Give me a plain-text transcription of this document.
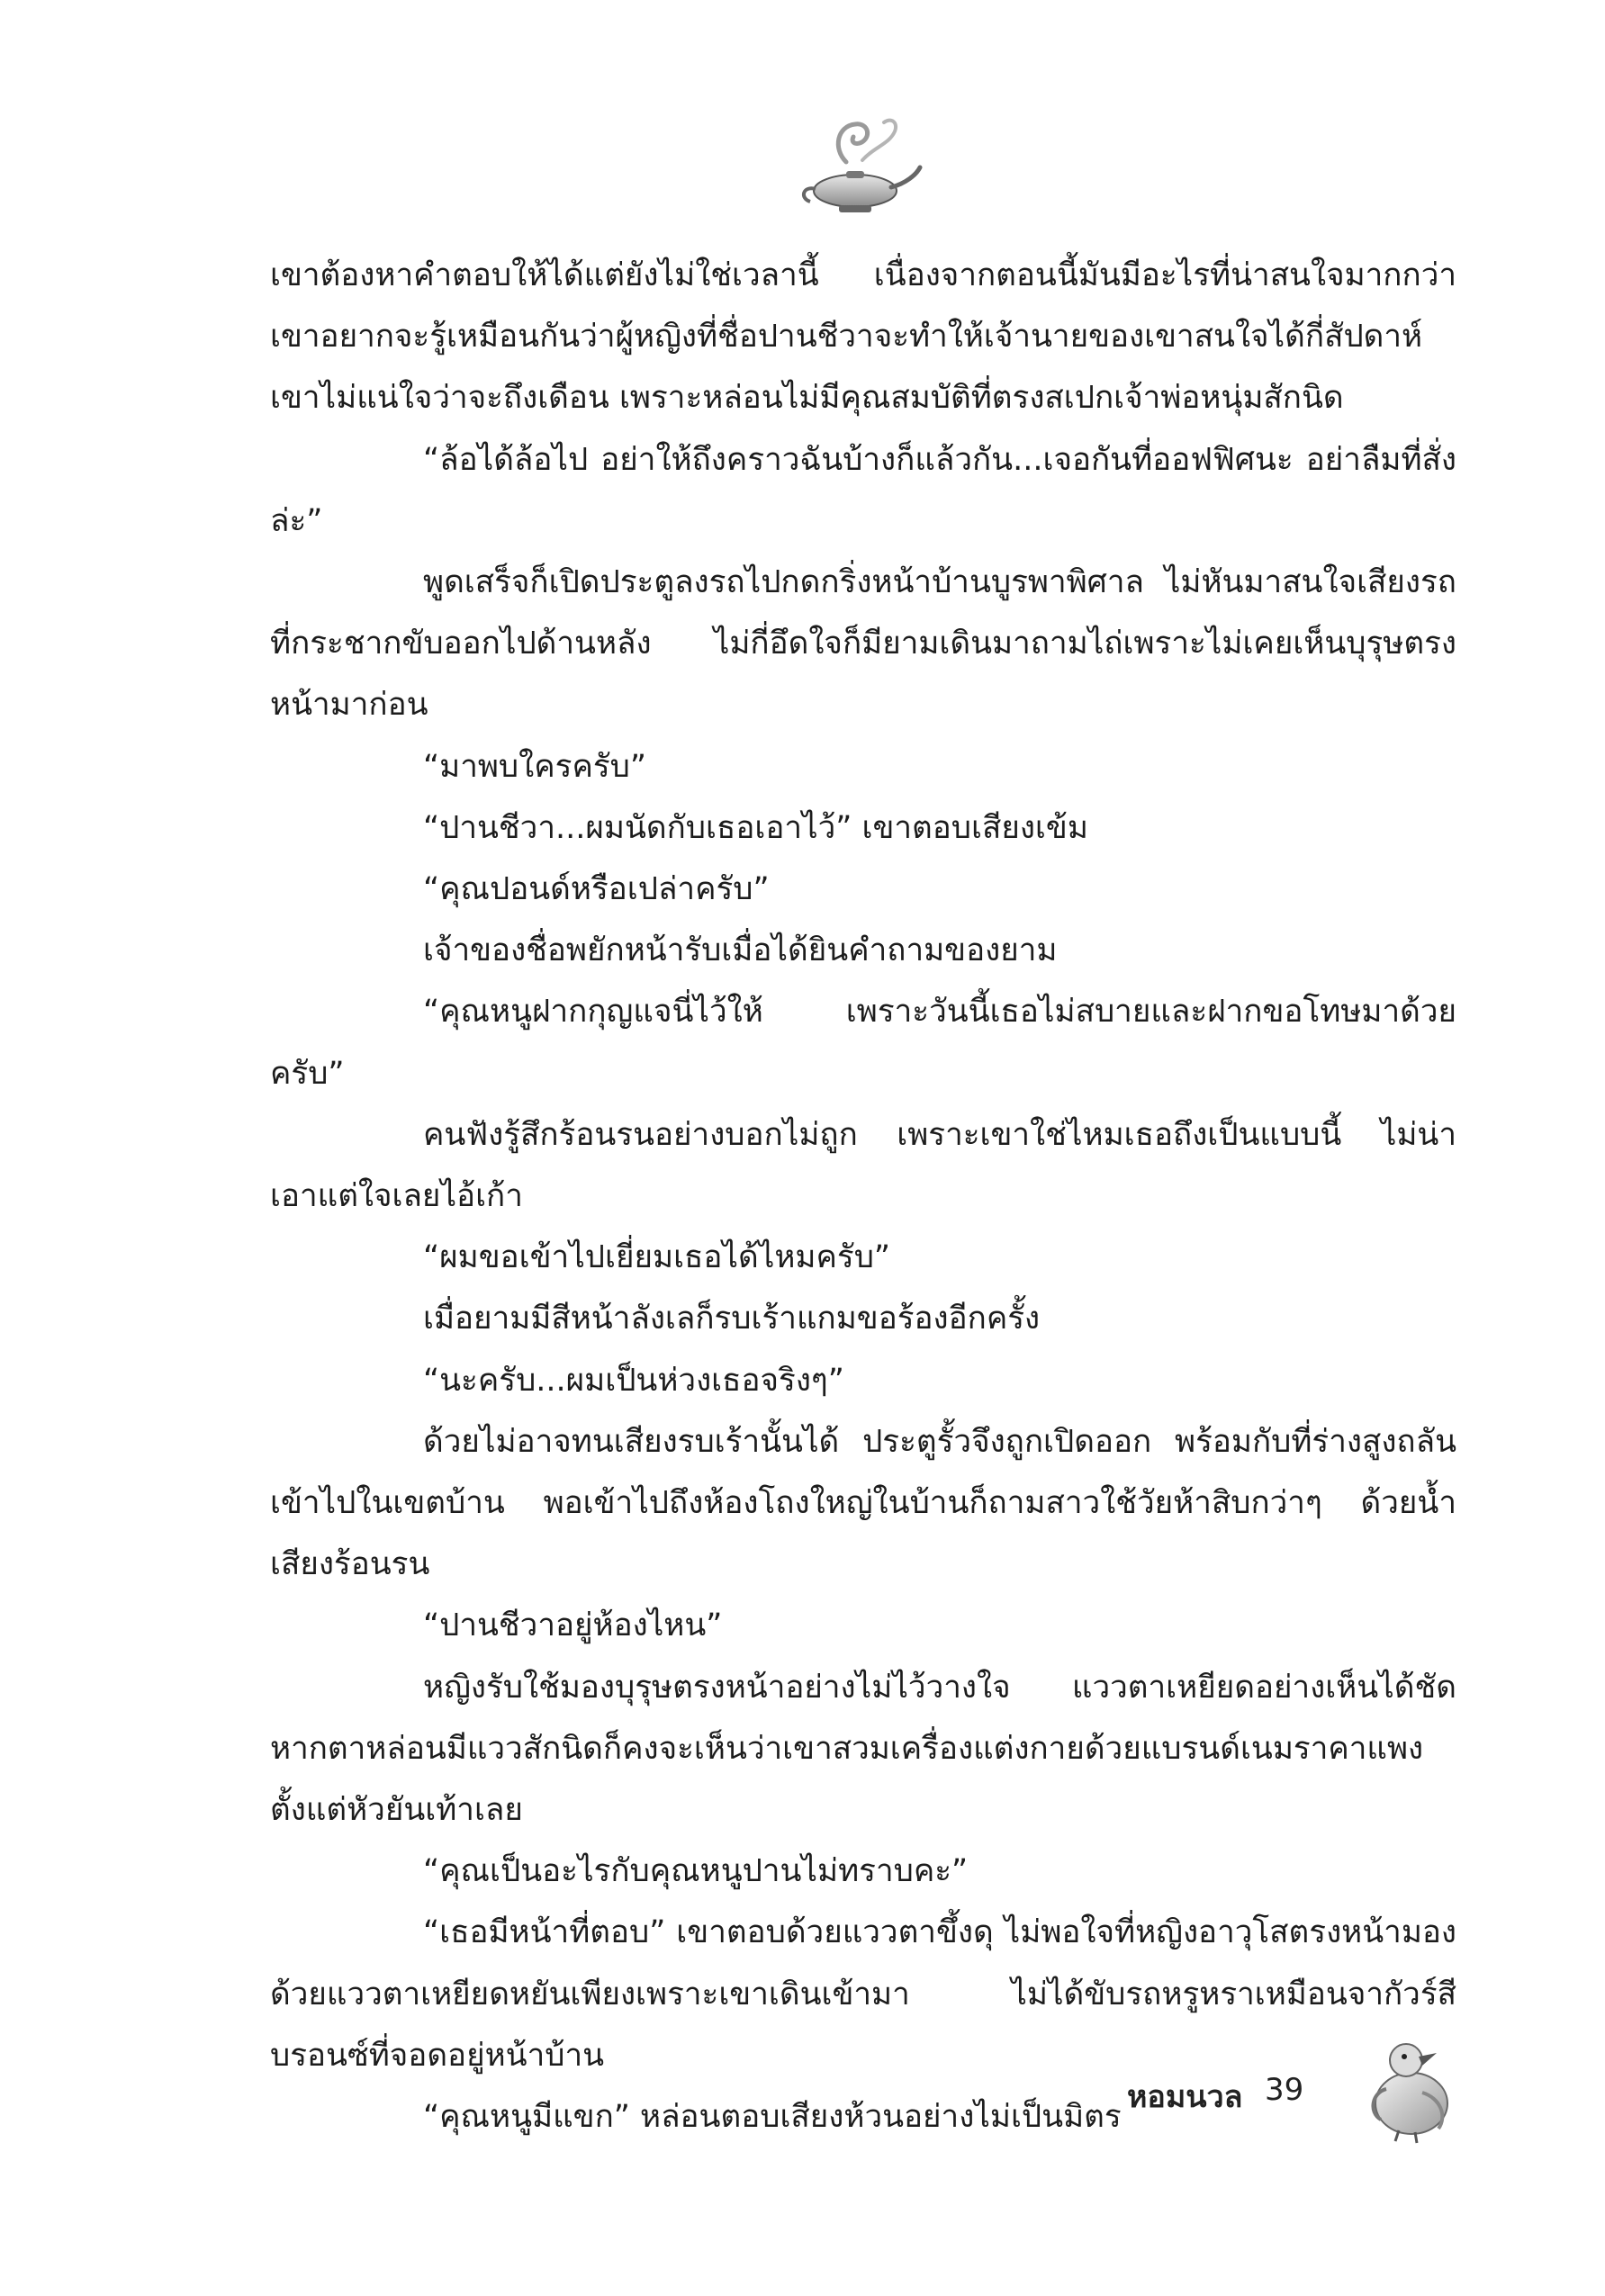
เขาต้องหาคำตอบให้ได้แต่ยังไม่ใช่เวลานี้ เนื่องจากตอนนี้มันมีอะไรที่น่าสนใจมากกว่า เขาอยากจะรู้เหมือนกันว่าผู้หญิงที่ชื่อปานชีวาจะทำให้เจ้านายของเขาสนใจได้กี่สัปดาห์ เขาไม่แน่ใจว่าจะถึงเดือน เพราะหล่อนไม่มีคุณสมบัติที่ตรงสเปกเจ้าพ่อหนุ่มสักนิด

“ล้อได้ล้อไป อย่าให้ถึงคราวฉันบ้างก็แล้วกัน...เจอกันที่ออฟฟิศนะ อย่าลืมที่สั่งล่ะ”

พูดเสร็จก็เปิดประตูลงรถไปกดกริ่งหน้าบ้านบูรพาพิศาล ไม่หันมาสนใจเสียงรถที่กระชากขับออกไปด้านหลัง ไม่กี่อึดใจก็มียามเดินมาถามไถ่เพราะไม่เคยเห็นบุรุษตรงหน้ามาก่อน

“มาพบใครครับ”

“ปานชีวา...ผมนัดกับเธอเอาไว้” เขาตอบเสียงเข้ม

“คุณปอนด์หรือเปล่าครับ”

เจ้าของชื่อพยักหน้ารับเมื่อได้ยินคำถามของยาม

“คุณหนูฝากกุญแจนี่ไว้ให้ เพราะวันนี้เธอไม่สบายและฝากขอโทษมาด้วยครับ”

คนฟังรู้สึกร้อนรนอย่างบอกไม่ถูก เพราะเขาใช่ไหมเธอถึงเป็นแบบนี้ ไม่น่าเอาแต่ใจเลยไอ้เก้า

“ผมขอเข้าไปเยี่ยมเธอได้ไหมครับ”

เมื่อยามมีสีหน้าลังเลก็รบเร้าแกมขอร้องอีกครั้ง

“นะครับ...ผมเป็นห่วงเธอจริงๆ”

ด้วยไม่อาจทนเสียงรบเร้านั้นได้ ประตูรั้วจึงถูกเปิดออก พร้อมกับที่ร่างสูงถลันเข้าไปในเขตบ้าน พอเข้าไปถึงห้องโถงใหญ่ในบ้านก็ถามสาวใช้วัยห้าสิบกว่าๆ ด้วยน้ำเสียงร้อนรน

“ปานชีวาอยู่ห้องไหน”

หญิงรับใช้มองบุรุษตรงหน้าอย่างไม่ไว้วางใจ แววตาเหยียดอย่างเห็นได้ชัด หากตาหล่อนมีแววสักนิดก็คงจะเห็นว่าเขาสวมเครื่องแต่งกายด้วยแบรนด์เนมราคาแพงตั้งแต่หัวยันเท้าเลย

“คุณเป็นอะไรกับคุณหนูปานไม่ทราบคะ”

“เธอมีหน้าที่ตอบ” เขาตอบด้วยแววตาขึ้งดุ ไม่พอใจที่หญิงอาวุโสตรงหน้ามองด้วยแววตาเหยียดหยันเพียงเพราะเขาเดินเข้ามา ไม่ได้ขับรถหรูหราเหมือนจากัวร์สีบรอนซ์ที่จอดอยู่หน้าบ้าน

“คุณหนูมีแขก” หล่อนตอบเสียงห้วนอย่างไม่เป็นมิตร

หอมนวล 39
